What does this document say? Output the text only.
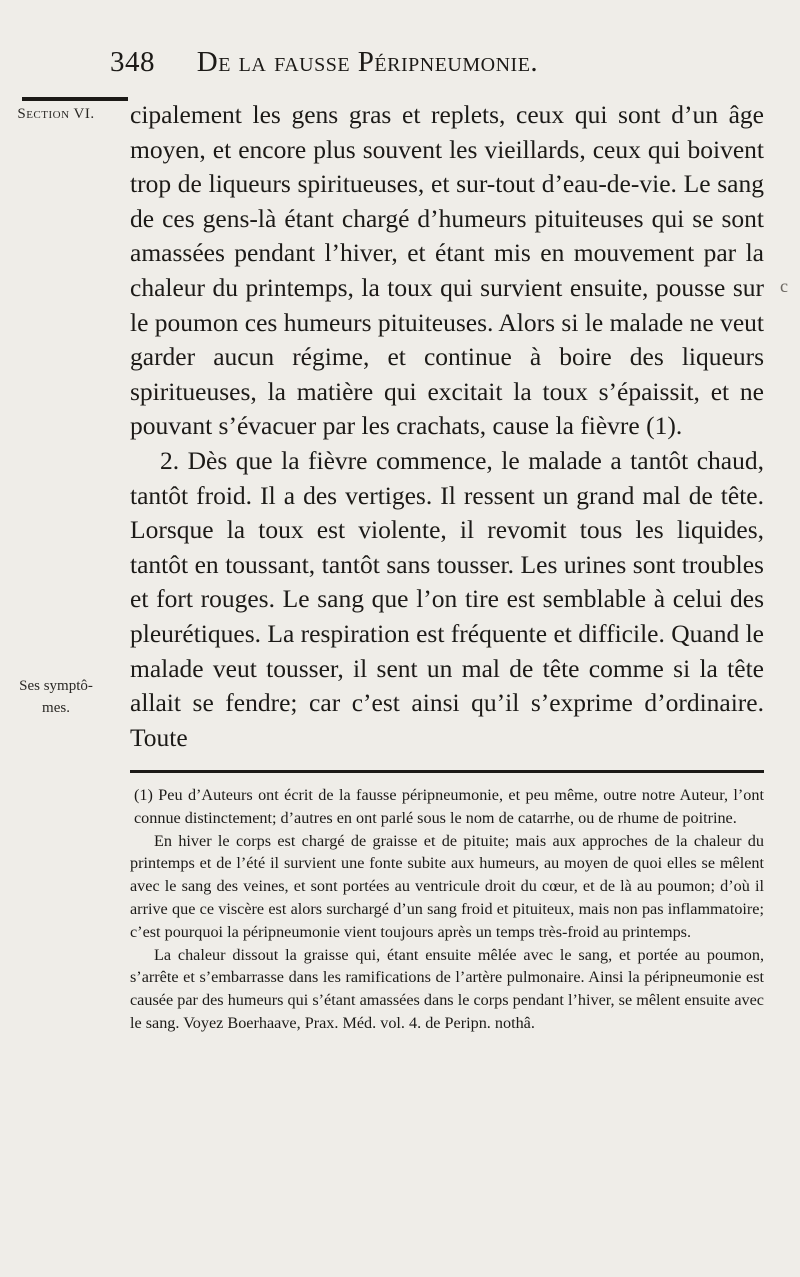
348 De la fausse Péripneumonie.
Section VI.
Ses symptô-
mes.
c

cipalement les gens gras et replets, ceux qui sont d’un âge moyen, et encore plus souvent les vieillards, ceux qui boivent trop de liqueurs spiritueuses, et sur-tout d’eau-de-vie. Le sang de ces gens-là étant chargé d’humeurs pituiteuses qui se sont amassées pendant l’hiver, et étant mis en mouvement par la chaleur du printemps, la toux qui survient ensuite, pousse sur le poumon ces humeurs pituiteuses. Alors si le malade ne veut garder aucun régime, et continue à boire des liqueurs spiritueuses, la matière qui excitait la toux s’épaissit, et ne pouvant s’évacuer par les crachats, cause la fièvre (1).

2. Dès que la fièvre commence, le malade a tantôt chaud, tantôt froid. Il a des vertiges. Il ressent un grand mal de tête. Lorsque la toux est violente, il revomit tous les liquides, tantôt en toussant, tantôt sans tousser. Les urines sont troubles et fort rouges. Le sang que l’on tire est semblable à celui des pleurétiques. La respiration est fréquente et difficile. Quand le malade veut tousser, il sent un mal de tête comme si la tête allait se fendre; car c’est ainsi qu’il s’exprime d’ordinaire. Toute

(1) Peu d’Auteurs ont écrit de la fausse péripneumonie, et peu même, outre notre Auteur, l’ont connue distinctement; d’autres en ont parlé sous le nom de catarrhe, ou de rhume de poitrine.

En hiver le corps est chargé de graisse et de pituite; mais aux approches de la chaleur du printemps et de l’été il survient une fonte subite aux humeurs, au moyen de quoi elles se mêlent avec le sang des veines, et sont portées au ventricule droit du cœur, et de là au poumon; d’où il arrive que ce viscère est alors surchargé d’un sang froid et pituiteux, mais non pas inflammatoire; c’est pourquoi la péripneumonie vient toujours après un temps très-froid au printemps.

La chaleur dissout la graisse qui, étant ensuite mêlée avec le sang, et portée au poumon, s’arrête et s’embarrasse dans les ramifications de l’artère pulmonaire. Ainsi la péripneumonie est causée par des humeurs qui s’étant amassées dans le corps pendant l’hiver, se mêlent ensuite avec le sang. Voyez Boerhaave, Prax. Méd. vol. 4. de Peripn. nothâ.
